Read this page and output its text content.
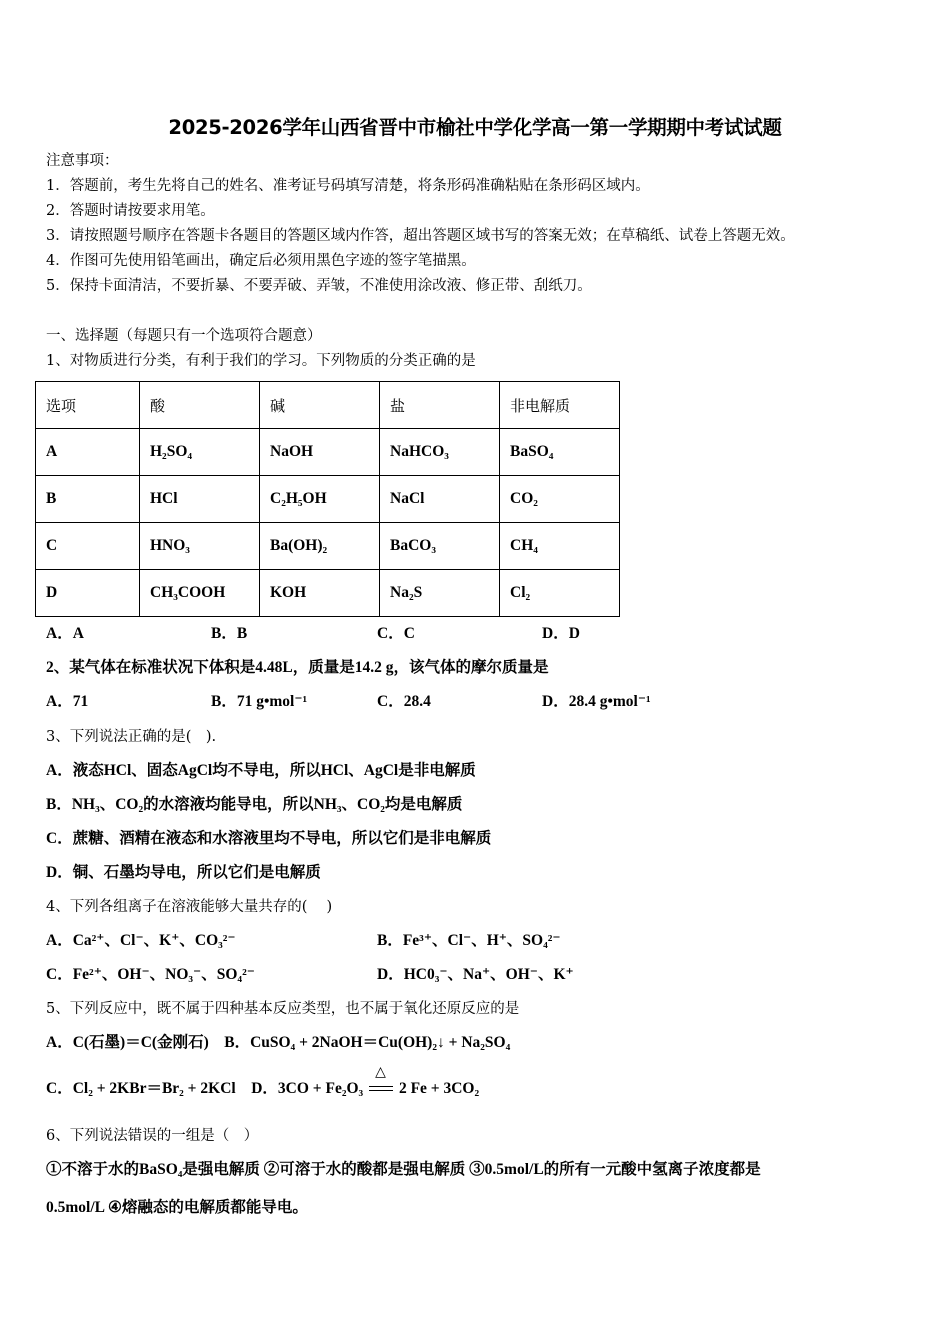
2025-2026学年山西省晋中市榆社中学化学高一第一学期期中考试试题
注意事项：
1．答题前，考生先将自己的姓名、准考证号码填写清楚，将条形码准确粘贴在条形码区域内。
2．答题时请按要求用笔。
3．请按照题号顺序在答题卡各题目的答题区域内作答，超出答题区域书写的答案无效；在草稿纸、试卷上答题无效。
4．作图可先使用铅笔画出，确定后必须用黑色字迹的签字笔描黑。
5．保持卡面清洁，不要折暴、不要弄破、弄皱，不准使用涂改液、修正带、刮纸刀。
一、选择题（每题只有一个选项符合题意）
1、对物质进行分类，有利于我们的学习。下列物质的分类正确的是
选项	酸	碱	盐	非电解质
A	H₂SO₄	NaOH	NaHCO₃	BaSO₄
B	HCl	C₂H₅OH	NaCl	CO₂
C	HNO₃	Ba(OH)₂	BaCO₃	CH₄
D	CH₃COOH	KOH	Na₂S	Cl₂
A．A	B．B	C．C	D．D
2、某气体在标准状况下体积是4.48L，质量是14.2 g，该气体的摩尔质量是
A．71	B．71 g•mol⁻¹	C．28.4	D．28.4 g•mol⁻¹
3、下列说法正确的是(　).
A．液态HCl、固态AgCl均不导电，所以HCl、AgCl是非电解质
B．NH₃、CO₂的水溶液均能导电，所以NH₃、CO₂均是电解质
C．蔗糖、酒精在液态和水溶液里均不导电，所以它们是非电解质
D．铜、石墨均导电，所以它们是电解质
4、下列各组离子在溶液能够大量共存的(　 )
A．Ca²⁺、Cl⁻、K⁺、CO₃²⁻	B．Fe³⁺、Cl⁻、H⁺、SO₄²⁻
C．Fe²⁺、OH⁻、NO₃⁻、SO₄²⁻	D．HC0₃⁻、Na⁺、OH⁻、K⁺
5、下列反应中，既不属于四种基本反应类型，也不属于氧化还原反应的是
A．C(石墨)＝C(金刚石)　B．CuSO₄ + 2NaOH＝Cu(OH)₂↓ + Na₂SO₄
C．Cl₂ + 2KBr＝Br₂ + 2KCl　D．3CO + Fe₂O₃
△
2 Fe + 3CO₂
6、下列说法错误的一组是（　）
①不溶于水的BaSO₄是强电解质 ②可溶于水的酸都是强电解质 ③0.5mol/L的所有一元酸中氢离子浓度都是
0.5mol/L ④熔融态的电解质都能导电。
